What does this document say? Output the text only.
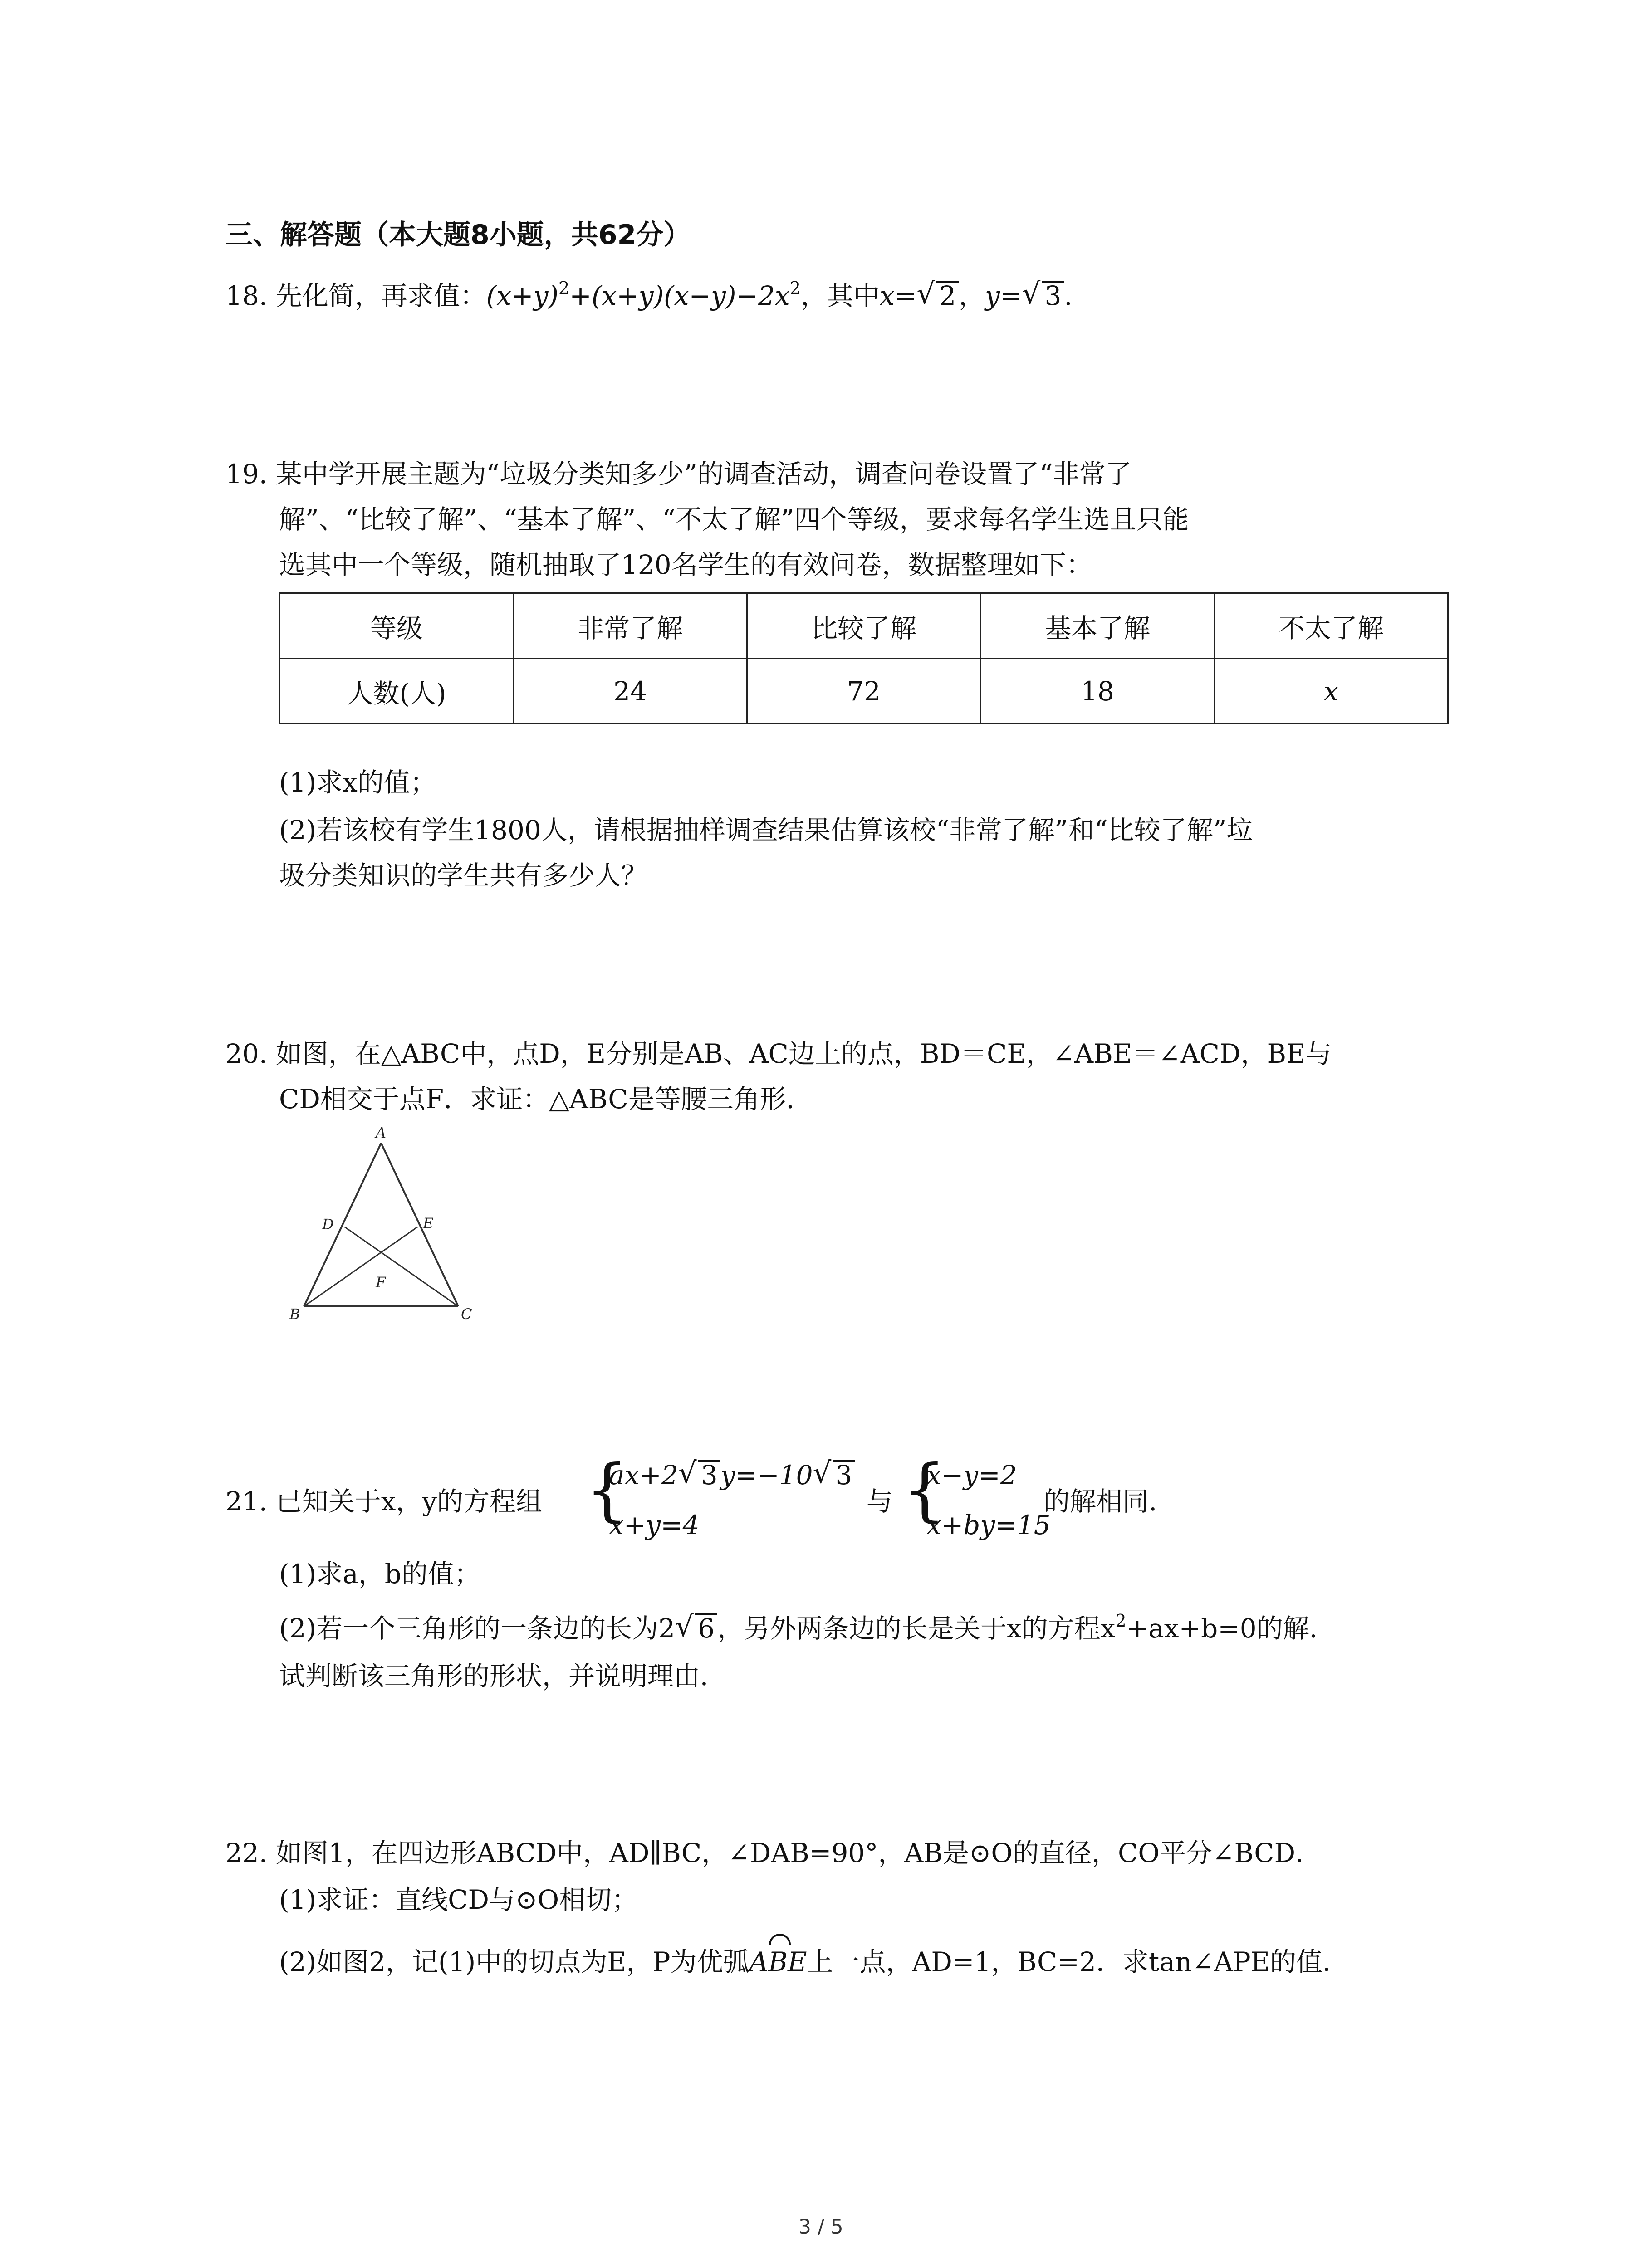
三、解答题（本大题8小题，共62分）
18. 先化简，再求值：$(x+y)^2+(x+y)(x-y)-2x^2$，其中x= √ 2 ，y= √ 3 .
19. 某中学开展主题为“垃圾分类知多少”的调查活动，调查问卷设置了“非常了
解”、“比较了解”、“基本了解”、“不太了解”四个等级，要求每名学生选且只能
选其中一个等级，随机抽取了120名学生的有效问卷，数据整理如下：
等级	非常了解	比较了解	基本了解	不太了解
人数(人)	24	72	18	x
(1)求x的值；
(2)若该校有学生1800人，请根据抽样调查结果估算该校“非常了解”和“比较了解”垃
圾分类知识的学生共有多少人？
20. 如图，在△ABC中，点D，E分别是AB、AC边上的点，BD＝CE，∠ABE＝∠ACD，BE与
CD相交于点F．求证：△ABC是等腰三角形．
A
B	C
D	E
F
21. 已知关于x，y的方程组 {
ax+2 √ 3 y=−10 √ 3
x+y=4
与 {
x−y=2
x+by=15
的解相同．
(1)求a，b的值；
(2)若一个三角形的一条边的长为2 √ 6 ，另外两条边的长是关于x的方程$x^2+ax+b=0$的解．
试判断该三角形的形状，并说明理由．
22. 如图1，在四边形ABCD中，AD∥BC，∠DAB=90°，AB是⊙O的直径，CO平分∠BCD．
(1)求证：直线CD与⊙O相切；
(2)如图2，记(1)中的切点为E，P为优弧ABE上一点，AD=1，BC=2．求tan∠APE的值．
3 / 5
